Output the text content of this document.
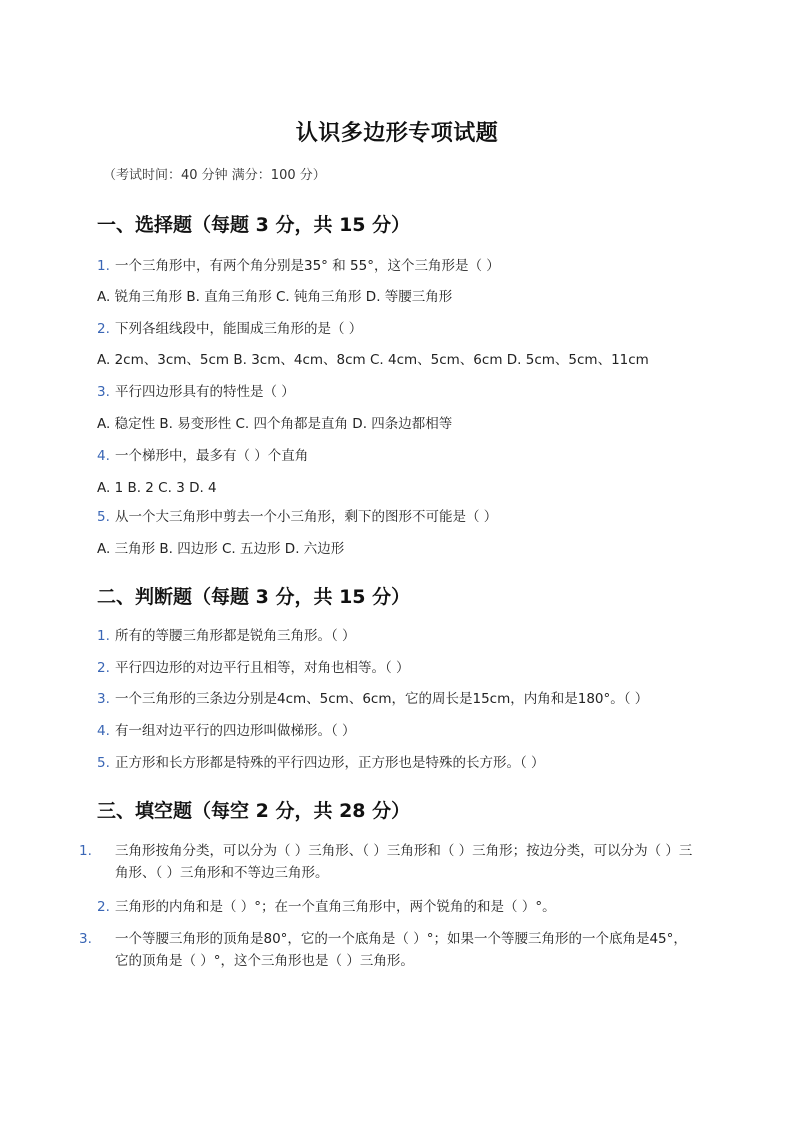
认识多边形专项试题
（考试时间：40 分钟 满分：100 分）
一、选择题（每题 3 分，共 15 分）
1. 一个三角形中，有两个角分别是35° 和 55°，这个三角形是（ ）
A. 锐角三角形 B. 直角三角形 C. 钝角三角形 D. 等腰三角形
2. 下列各组线段中，能围成三角形的是（ ）
A. 2cm、3cm、5cm B. 3cm、4cm、8cm C. 4cm、5cm、6cm D. 5cm、5cm、11cm
3. 平行四边形具有的特性是（ ）
A. 稳定性 B. 易变形性 C. 四个角都是直角 D. 四条边都相等
4. 一个梯形中，最多有（ ）个直角
A. 1 B. 2 C. 3 D. 4
5. 从一个大三角形中剪去一个小三角形，剩下的图形不可能是（ ）
A. 三角形 B. 四边形 C. 五边形 D. 六边形
二、判断题（每题 3 分，共 15 分）
1. 所有的等腰三角形都是锐角三角形。（ ）
2. 平行四边形的对边平行且相等，对角也相等。（ ）
3. 一个三角形的三条边分别是4cm、5cm、6cm，它的周长是15cm，内角和是180°。（ ）
4. 有一组对边平行的四边形叫做梯形。（ ）
5. 正方形和长方形都是特殊的平行四边形，正方形也是特殊的长方形。（ ）
三、填空题（每空 2 分，共 28 分）
1. 三角形按角分类，可以分为（ ）三角形、（ ）三角形和（ ）三角形；按边分类，可以分为（ ）三角形、（ ）三角形和不等边三角形。
2. 三角形的内角和是（ ）°；在一个直角三角形中，两个锐角的和是（ ）°。
3. 一个等腰三角形的顶角是80°，它的一个底角是（ ）°；如果一个等腰三角形的一个底角是45°，它的顶角是（ ）°，这个三角形也是（ ）三角形。
